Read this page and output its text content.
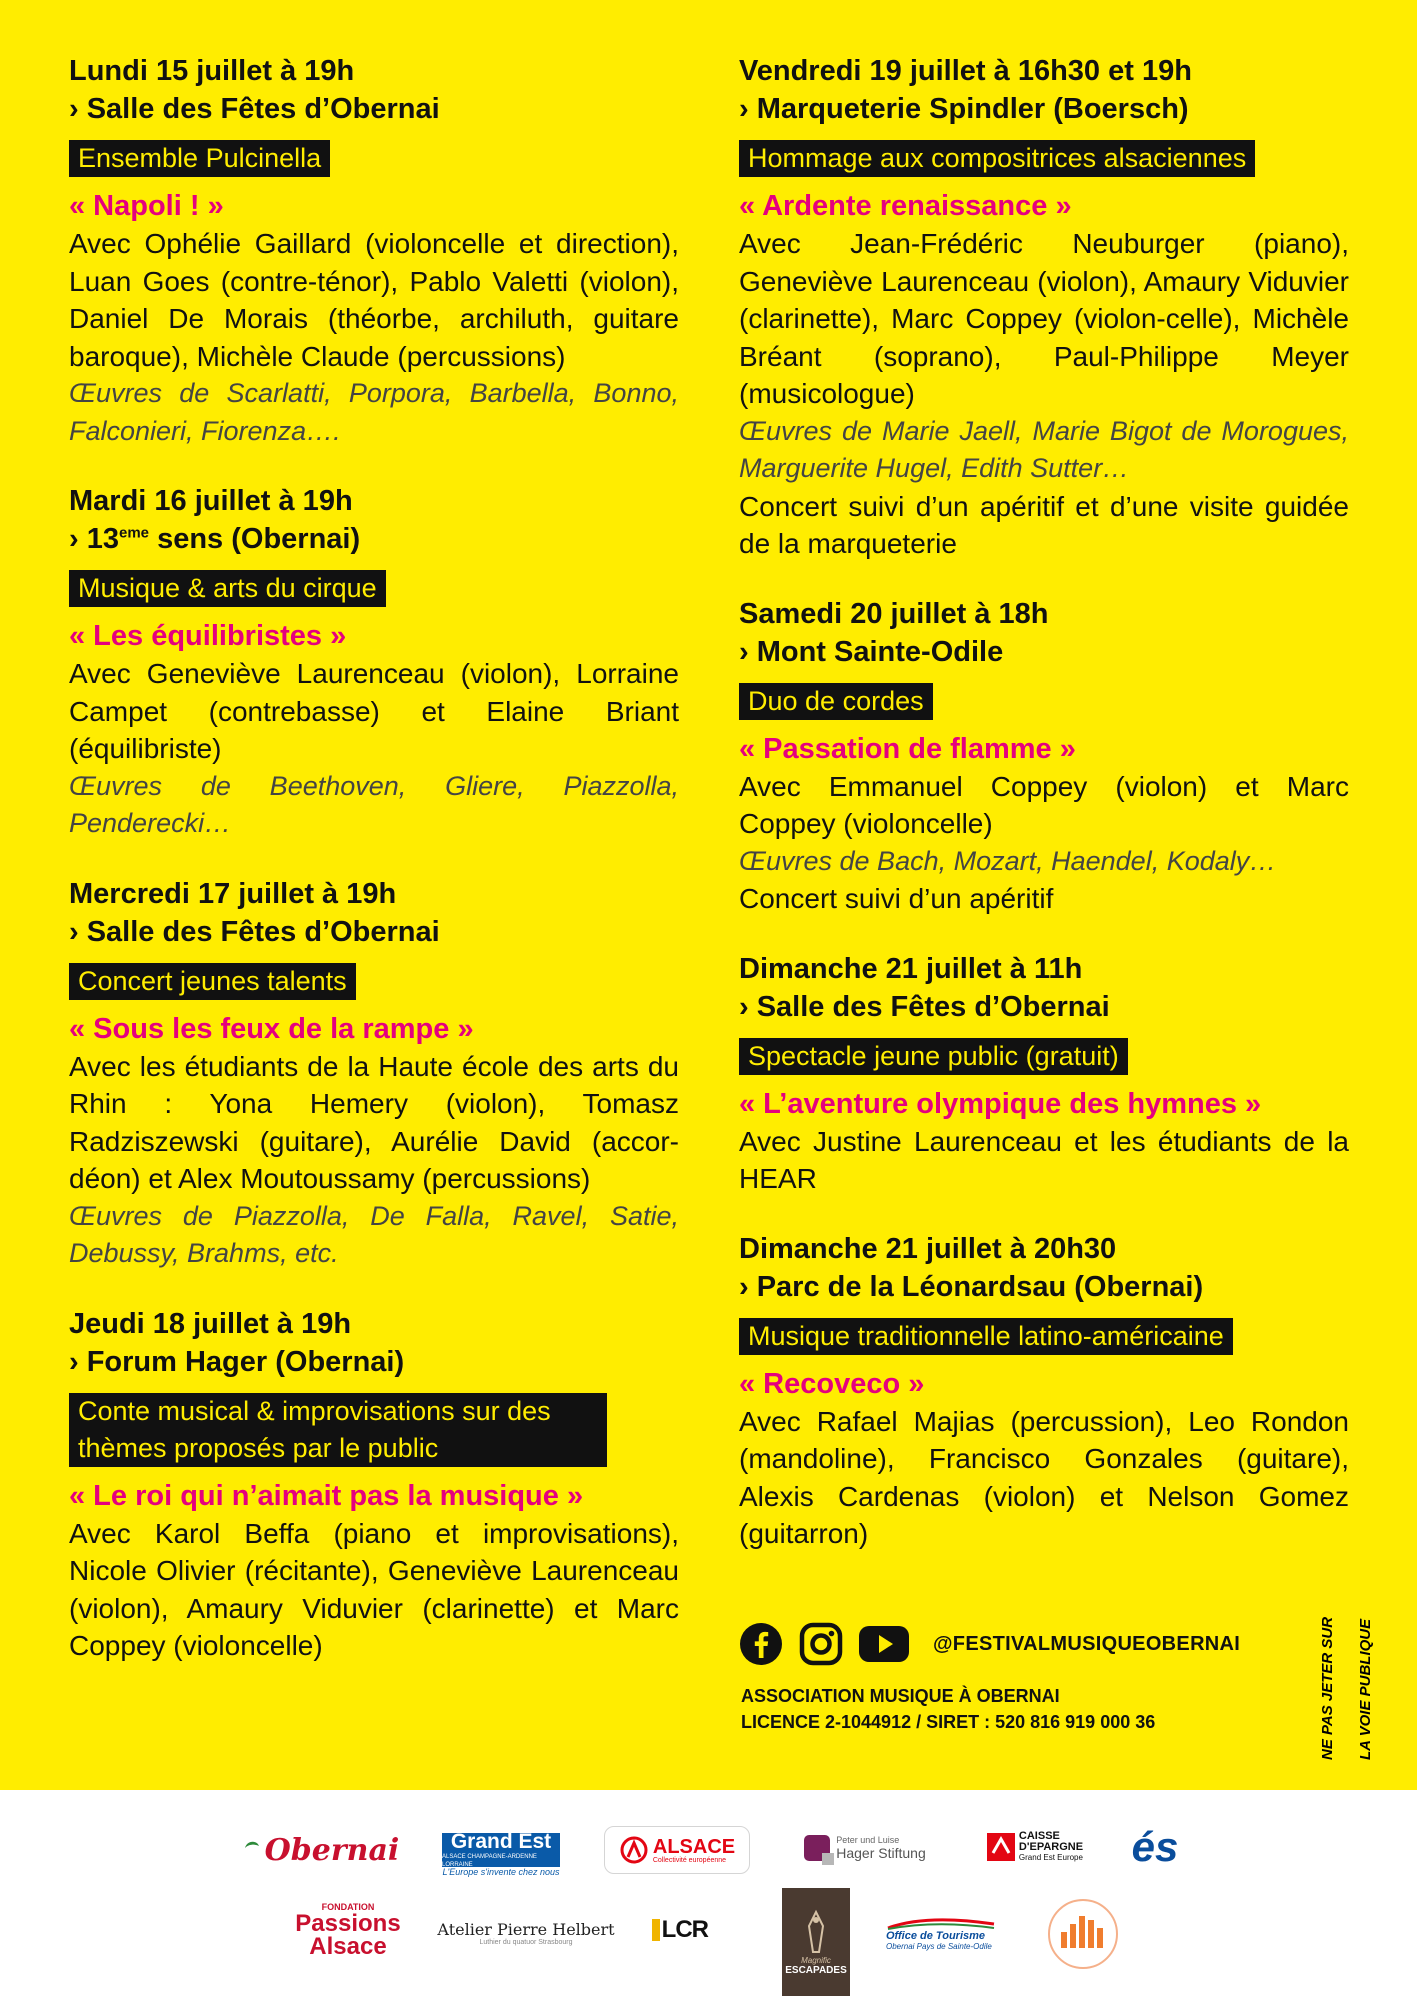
Lundi 15 juillet à 19h
› Salle des Fêtes d’Obernai
Ensemble Pulcinella
« Napoli ! »
Avec Ophélie Gaillard (violoncelle et direction), Luan Goes (contre-ténor), Pablo Valetti (violon), Daniel De Morais (théorbe, archiluth, guitare baroque), Michèle Claude (percussions)
Œuvres de Scarlatti, Porpora, Barbella, Bonno, Falconieri, Fiorenza….
Mardi 16 juillet à 19h
› 13eme sens (Obernai)
Musique & arts du cirque
« Les équilibristes »
Avec Geneviève Laurenceau (violon), Lorraine Campet (contrebasse) et Elaine Briant (équilibriste)
Œuvres de Beethoven, Gliere, Piazzolla, Penderecki…
Mercredi 17 juillet à 19h
› Salle des Fêtes d’Obernai
Concert jeunes talents
« Sous les feux de la rampe »
Avec les étudiants de la Haute école des arts du Rhin : Yona Hemery (violon), Tomasz Radziszewski (guitare), Aurélie David (accor-déon) et Alex Moutoussamy (percussions)
Œuvres de Piazzolla, De Falla, Ravel, Satie, Debussy, Brahms, etc.
Jeudi 18 juillet à 19h
› Forum Hager (Obernai)
Conte musical & improvisations sur des thèmes proposés par le public
« Le roi qui n’aimait pas la musique »
Avec Karol Beffa (piano et improvisations), Nicole Olivier (récitante), Geneviève Laurenceau (violon), Amaury Viduvier (clarinette) et Marc Coppey (violoncelle)
Vendredi 19 juillet à 16h30 et 19h
› Marqueterie Spindler (Boersch)
Hommage aux compositrices alsaciennes
« Ardente renaissance »
Avec Jean-Frédéric Neuburger (piano), Geneviève Laurenceau (violon), Amaury Viduvier (clarinette), Marc Coppey (violon-celle), Michèle Bréant (soprano), Paul-Philippe Meyer (musicologue)
Œuvres de Marie Jaell, Marie Bigot de Morogues, Marguerite Hugel, Edith Sutter…
Concert suivi d’un apéritif et d’une visite guidée de la marqueterie
Samedi 20 juillet à 18h
› Mont Sainte-Odile
Duo de cordes
« Passation de flamme »
Avec Emmanuel Coppey (violon) et Marc Coppey (violoncelle)
Œuvres de Bach, Mozart, Haendel, Kodaly…
Concert suivi d’un apéritif
Dimanche 21 juillet à 11h
› Salle des Fêtes d’Obernai
Spectacle jeune public (gratuit)
« L’aventure olympique des hymnes »
Avec Justine Laurenceau et les étudiants de la HEAR
Dimanche 21 juillet à 20h30
› Parc de la Léonardsau (Obernai)
Musique traditionnelle latino-américaine
« Recoveco »
Avec Rafael Majias (percussion), Leo Rondon (mandoline), Francisco Gonzales (guitare), Alexis Cardenas (violon) et Nelson Gomez (guitarron)
@FESTIVALMUSIQUEOBERNAI
ASSOCIATION MUSIQUE À OBERNAI
LICENCE 2-1044912 / SIRET : 520 816 919 000 36	NE PAS JETER SUR LA VOIE PUBLIQUE
Obernai Grand Est
ALSACE CHAMPAGNE-ARDENNE LORRAINE
L'Europe s'invente chez nous
ALSACE
Collectivité européenne
Peter und Luise
Hager Stiftung
CAISSE
D'EPARGNE
Grand Est Europe és
FONDATION
Passions
Alsace
Atelier Pierre Helbert
Luthier du quatuor Strasbourg	LCR
Magnific
ESCAPADES
Office de Tourisme
Obernai Pays de Sainte-Odile
